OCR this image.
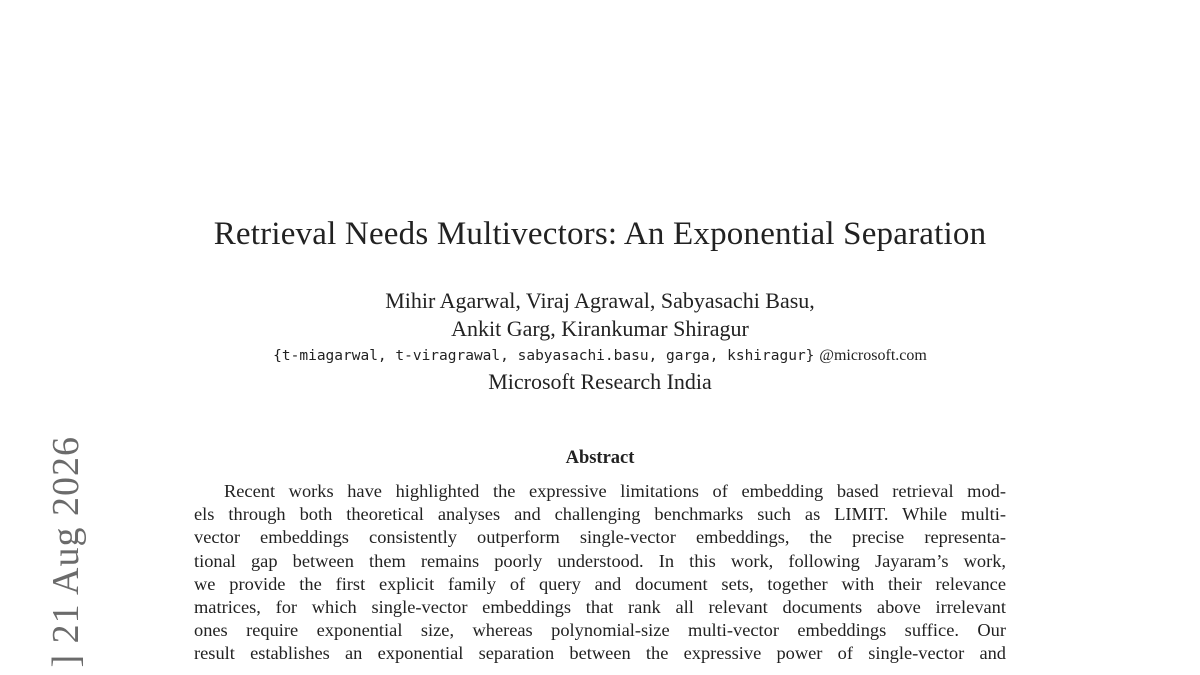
] 21 Aug 2026
Retrieval Needs Multivectors: An Exponential Separation
Mihir Agarwal, Viraj Agrawal, Sabyasachi Basu,
Ankit Garg, Kirankumar Shiragur
{t-miagarwal, t-viragrawal, sabyasachi.basu, garga, kshiragur} @microsoft.com
Microsoft Research India
Abstract
Recent works have highlighted the expressive limitations of embedding based retrieval mod-
els through both theoretical analyses and challenging benchmarks such as LIMIT. While multi-
vector embeddings consistently outperform single-vector embeddings, the precise representa-
tional gap between them remains poorly understood. In this work, following Jayaram’s work,
we provide the first explicit family of query and document sets, together with their relevance
matrices, for which single-vector embeddings that rank all relevant documents above irrelevant
ones require exponential size, whereas polynomial-size multi-vector embeddings suffice. Our
result establishes an exponential separation between the expressive power of single-vector and
